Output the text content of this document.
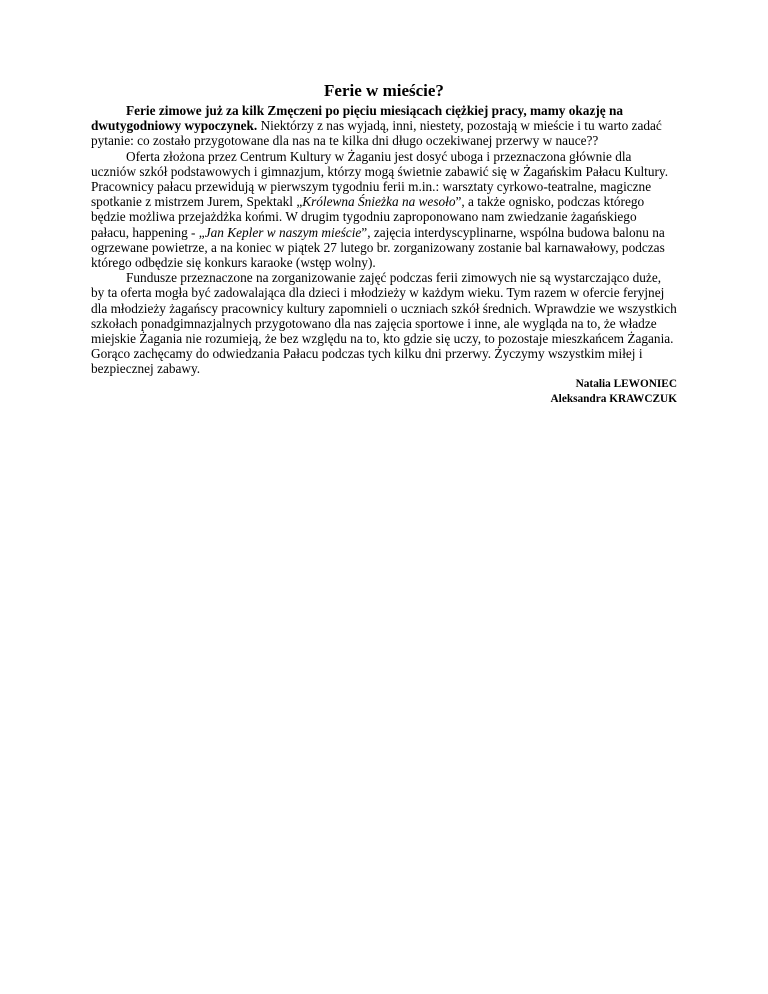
Ferie w mieście?

Ferie zimowe już za kilk Zmęczeni po pięciu miesiącach ciężkiej pracy, mamy okazję na dwutygodniowy wypoczynek. Niektórzy z nas wyjadą, inni, niestety, pozostają w mieście i tu warto zadać pytanie: co zostało przygotowane dla nas na te kilka dni długo oczekiwanej przerwy w nauce??

Oferta złożona przez Centrum Kultury w Żaganiu jest dosyć uboga i przeznaczona głównie dla uczniów szkół podstawowych i gimnazjum, którzy mogą świetnie zabawić się w Żagańskim Pałacu Kultury. Pracownicy pałacu przewidują w pierwszym tygodniu ferii m.in.: warsztaty cyrkowo-teatralne, magiczne spotkanie z mistrzem Jurem, Spektakl „Królewna Śnieżka na wesoło”, a także ognisko, podczas którego będzie możliwa przejażdżka końmi. W drugim tygodniu zaproponowano nam zwiedzanie żagańskiego pałacu, happening - „Jan Kepler w naszym mieście”, zajęcia interdyscyplinarne, wspólna budowa balonu na ogrzewane powietrze, a na koniec w piątek 27 lutego br. zorganizowany zostanie bal karnawałowy, podczas którego odbędzie się konkurs karaoke (wstęp wolny).

Fundusze przeznaczone na zorganizowanie zajęć podczas ferii zimowych nie są wystarczająco duże, by ta oferta mogła być zadowalająca dla dzieci i młodzieży w każdym wieku. Tym razem w ofercie feryjnej dla młodzieży żagańscy pracownicy kultury zapomnieli o uczniach szkół średnich. Wprawdzie we wszystkich szkołach ponadgimnazjalnych przygotowano dla nas zajęcia sportowe i inne, ale wygląda na to, że władze miejskie Żagania nie rozumieją, że bez względu na to, kto gdzie się uczy, to pozostaje mieszkańcem Żagania. Gorąco zachęcamy do odwiedzania Pałacu podczas tych kilku dni przerwy. Życzymy wszystkim miłej i bezpiecznej zabawy.

Natalia LEWONIEC

Aleksandra KRAWCZUK
